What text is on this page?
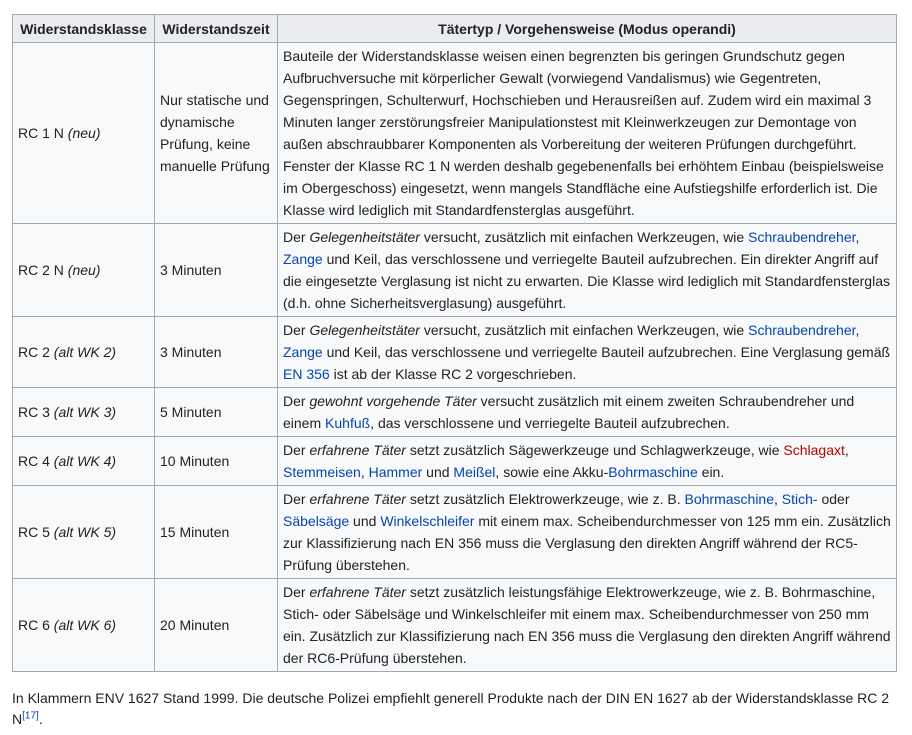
Widerstandsklasse	Widerstandszeit	Tätertyp / Vorgehensweise (Modus operandi)
RC 1 N (neu)	Nur statische und dynamische Prüfung, keine manuelle Prüfung	Bauteile der Widerstandsklasse weisen einen begrenzten bis geringen Grundschutz gegen Aufbruchversuche mit körperlicher Gewalt (vorwiegend Vandalismus) wie Gegentreten, Gegenspringen, Schulterwurf, Hochschieben und Herausreißen auf. Zudem wird ein maximal 3 Minuten langer zerstörungsfreier Manipulationstest mit Kleinwerkzeugen zur Demontage von außen abschraubbarer Komponenten als Vorbereitung der weiteren Prüfungen durchgeführt. Fenster der Klasse RC 1 N werden deshalb gegebenenfalls bei erhöhtem Einbau (beispielsweise im Obergeschoss) eingesetzt, wenn mangels Standfläche eine Aufstiegshilfe erforderlich ist. Die Klasse wird lediglich mit Standardfensterglas ausgeführt.
RC 2 N (neu)	3 Minuten	Der Gelegenheitstäter versucht, zusätzlich mit einfachen Werkzeugen, wie Schraubendreher, Zange und Keil, das verschlossene und verriegelte Bauteil aufzubrechen. Ein direkter Angriff auf die eingesetzte Verglasung ist nicht zu erwarten. Die Klasse wird lediglich mit Standardfensterglas (d.h. ohne Sicherheitsverglasung) ausgeführt.
RC 2 (alt WK 2)	3 Minuten	Der Gelegenheitstäter versucht, zusätzlich mit einfachen Werkzeugen, wie Schraubendreher, Zange und Keil, das verschlossene und verriegelte Bauteil aufzubrechen. Eine Verglasung gemäß EN 356 ist ab der Klasse RC 2 vorgeschrieben.
RC 3 (alt WK 3)	5 Minuten	Der gewohnt vorgehende Täter versucht zusätzlich mit einem zweiten Schraubendreher und einem Kuhfuß, das verschlossene und verriegelte Bauteil aufzubrechen.
RC 4 (alt WK 4)	10 Minuten	Der erfahrene Täter setzt zusätzlich Sägewerkzeuge und Schlagwerkzeuge, wie Schlagaxt, Stemmeisen, Hammer und Meißel, sowie eine Akku-Bohrmaschine ein.
RC 5 (alt WK 5)	15 Minuten	Der erfahrene Täter setzt zusätzlich Elektrowerkzeuge, wie z. B. Bohrmaschine, Stich- oder Säbelsäge und Winkelschleifer mit einem max. Scheibendurchmesser von 125 mm ein. Zusätzlich zur Klassifizierung nach EN 356 muss die Verglasung den direkten Angriff während der RC5-Prüfung überstehen.
RC 6 (alt WK 6)	20 Minuten	Der erfahrene Täter setzt zusätzlich leistungsfähige Elektrowerkzeuge, wie z. B. Bohrmaschine, Stich- oder Säbelsäge und Winkelschleifer mit einem max. Scheibendurchmesser von 250 mm ein. Zusätzlich zur Klassifizierung nach EN 356 muss die Verglasung den direkten Angriff während der RC6-Prüfung überstehen.
In Klammern ENV 1627 Stand 1999. Die deutsche Polizei empfiehlt generell Produkte nach der DIN EN 1627 ab der Widerstandsklasse RC 2 N[17].
